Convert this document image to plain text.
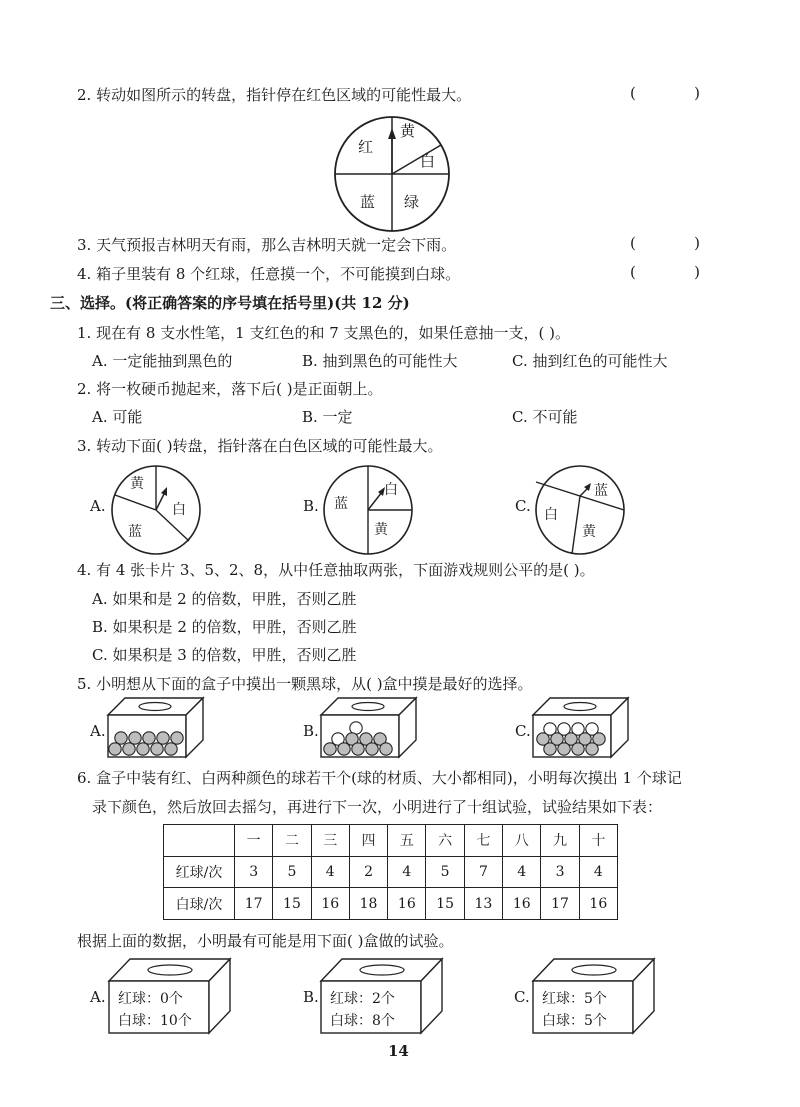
2. 转动如图所示的转盘，指针停在红色区域的可能性最大。	(	)
红
黄
白
蓝 绿
3. 天气预报吉林明天有雨，那么吉林明天就一定会下雨。	(	)
4. 箱子里装有 8 个红球，任意摸一个，不可能摸到白球。	(	)
三、选择。(将正确答案的序号填在括号里)(共 12 分)
1. 现在有 8 支水性笔，1 支红色的和 7 支黑色的，如果任意抽一支，( )。
A. 一定能抽到黑色的	B. 抽到黑色的可能性大	C. 抽到红色的可能性大
2. 将一枚硬币抛起来，落下后( )是正面朝上。
A. 可能	B. 一定	C. 不可能
3. 转动下面( )转盘，指针落在白色区域的可能性最大。
A.
黄
白
蓝
B. 蓝
白
黄
C.
蓝
白
黄
4. 有 4 张卡片 3、5、2、8，从中任意抽取两张，下面游戏规则公平的是( )。
A. 如果和是 2 的倍数，甲胜，否则乙胜
B. 如果积是 2 的倍数，甲胜，否则乙胜
C. 如果积是 3 的倍数，甲胜，否则乙胜
5. 小明想从下面的盒子中摸出一颗黑球，从( )盒中摸是最好的选择。
A.	B.	C.
6. 盒子中装有红、白两种颜色的球若干个(球的材质、大小都相同)，小明每次摸出 1 个球记
录下颜色，然后放回去摇匀，再进行下一次，小明进行了十组试验，试验结果如下表：
	一	二	三	四	五	六	七	八	九	十
红球/次	3	5	4	2	4	5	7	4	3	4
白球/次	17	15	16	18	16	15	13	16	17	16
根据上面的数据，小明最有可能是用下面( )盒做的试验。
A. 红球：0个
白球：10个
B. 红球：2个
白球：8个
C. 红球：5个
白球：5个
14
